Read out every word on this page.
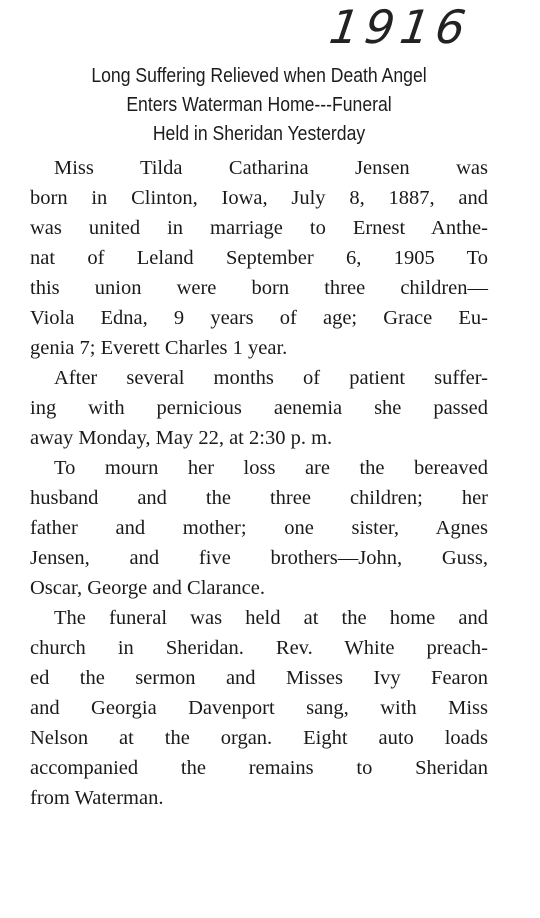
1916
Long Suffering Relieved when Death Angel
Enters Waterman Home---Funeral
Held in Sheridan Yesterday
Miss Tilda Catharina Jensen was
born in Clinton, Iowa, July 8, 1887, and
was united in marriage to Ernest Anthe-
nat of Leland September 6, 1905 To
this union were born three children—
Viola Edna, 9 years of age; Grace Eu-
genia 7; Everett Charles 1 year.
After several months of patient suffer-
ing with pernicious aenemia she passed
away Monday, May 22, at 2:30 p. m.
To mourn her loss are the bereaved
husband and the three children; her
father and mother; one sister, Agnes
Jensen, and five brothers—John, Guss,
Oscar, George and Clarance.
The funeral was held at the home and
church in Sheridan. Rev. White preach-
ed the sermon and Misses Ivy Fearon
and Georgia Davenport sang, with Miss
Nelson at the organ. Eight auto loads
accompanied the remains to Sheridan
from Waterman.
